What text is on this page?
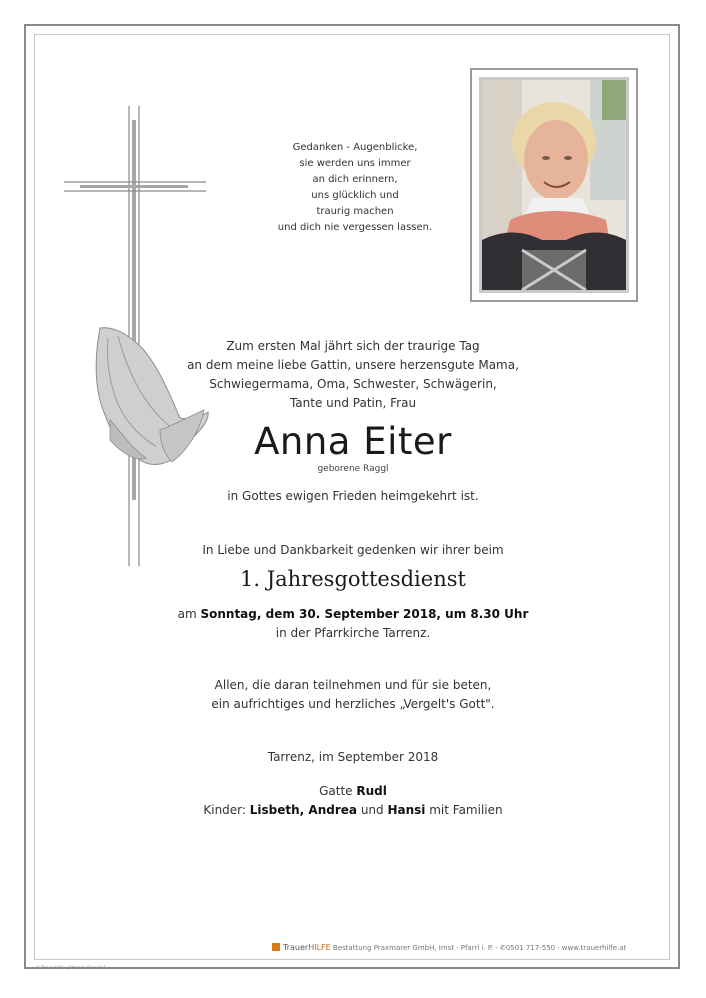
Gedanken - Augenblicke,
sie werden uns immer
an dich erinnern,
uns glücklich und
traurig machen
und dich nie vergessen lassen.
Zum ersten Mal jährt sich der traurige Tag
an dem meine liebe Gattin, unsere herzensgute Mama,
Schwiegermama, Oma, Schwester, Schwägerin,
Tante und Patin, Frau
Anna Eiter
geborene Raggl
in Gottes ewigen Frieden heimgekehrt ist.
In Liebe und Dankbarkeit gedenken wir ihrer beim
1. Jahresgottesdienst
am Sonntag, dem 30. September 2018, um 8.30 Uhr
in der Pfarrkirche Tarrenz.
Allen, die daran teilnehmen und für sie beten,
ein aufrichtiges und herzliches „Vergelt's Gott".
Tarrenz, im September 2018
Gatte Rudl
Kinder: Lisbeth, Andrea und Hansi mit Familien
TrauerHILFE Bestattung Praxmarer GmbH, Imst · Pfarrl i. P. · ✆0501 717-550 · www.trauerhilfe.at
© Trauer Hilfe - Jährende Bereich 1
